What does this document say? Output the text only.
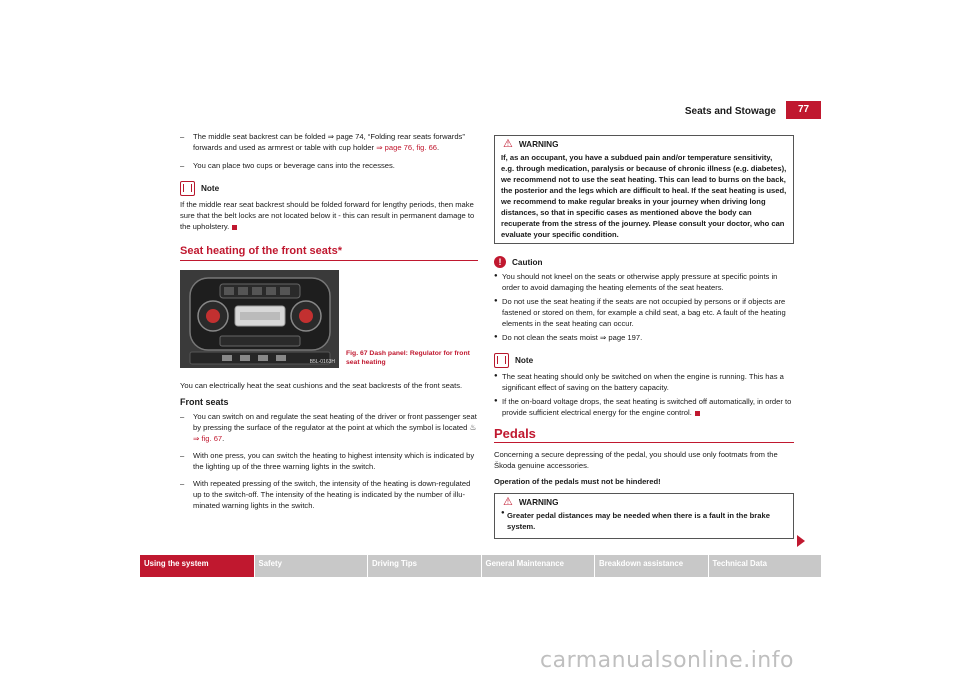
Seats and Stowage	77

– The middle seat backrest can be folded ⇒ page 74, “Folding rear seats forwards” forwards and used as armrest or table with cup holder ⇒ page 76, fig. 66.

– You can place two cups or beverage cans into the recesses.

Note

If the middle rear seat backrest should be folded forward for lengthy periods, then make sure that the belt locks are not located below it - this can result in permanent damage to the upholstery.

Seat heating of the front seats*
B5L-0163H
Fig. 67 Dash panel: Regulator for front seat heating

You can electrically heat the seat cushions and the seat backrests of the front seats.

Front seats

– You can switch on and regulate the seat heating of the driver or front passenger seat by pressing the surface of the regulator at the point at which the symbol is located ♨ ⇒ fig. 67.

– With one press, you can switch the heating to highest intensity which is indicated by the lighting up of the three warning lights in the switch.

– With repeated pressing of the switch, the intensity of the heating is down-regulated up to the switch-off. The intensity of the heating is indicated by the number of illu-minated warning lights in the switch.

⚠ WARNING
If, as an occupant, you have a subdued pain and/or temperature sensitivity, e.g. through medication, paralysis or because of chronic illness (e.g. diabetes), we recommend not to use the seat heating. This can lead to burns on the back, the posterior and the legs which are difficult to heal. If the seat heating is used, we recommend to make regular breaks in your journey when driving long distances, so that in specific cases as mentioned above the body can recuperate from the stress of the journey. Please consult your doctor, who can evaluate your specific condition.
!	Caution

● You should not kneel on the seats or otherwise apply pressure at specific points in order to avoid damaging the heating elements of the seat heaters.

● Do not use the seat heating if the seats are not occupied by persons or if objects are fastened or stored on them, for example a child seat, a bag etc. A fault of the heating elements in the seat heating can occur.

● Do not clean the seats moist ⇒ page 197.

Note

● The seat heating should only be switched on when the engine is running. This has a significant effect of saving on the battery capacity.

● If the on-board voltage drops, the seat heating is switched off automatically, in order to provide sufficient electrical energy for the engine control.

Pedals

Concerning a secure depressing of the pedal, you should use only footmats from the Škoda genuine accessories.

Operation of the pedals must not be hindered!

⚠ WARNING
● Greater pedal distances may be needed when there is a fault in the brake system.
Using the system	Safety	Driving Tips	General Maintenance	Breakdown assistance	Technical Data
carmanualsonline.info
